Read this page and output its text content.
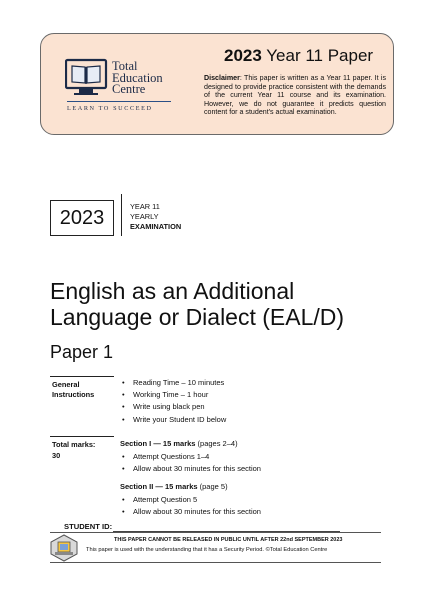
Total
Education
Centre
LEARN TO SUCCEED
2023 Year 11 Paper
Disclaimer: This paper is written as a Year 11 paper. It is designed to provide practice consistent with the demands of the current Year 11 course and its examination. However, we do not guarantee it predicts question content for a student's actual examination.
2023	YEAR 11
YEARLY
EXAMINATION
English as an Additional
Language or Dialect (EAL/D)
Paper 1
General
Instructions
• Reading Time – 10 minutes
• Working Time – 1 hour
• Write using black pen
• Write your Student ID below
Total marks:
30
Section I — 15 marks (pages 2–4)
• Attempt Questions 1–4
• Allow about 30 minutes for this section
Section II — 15 marks (page 5)
• Attempt Question 5
• Allow about 30 minutes for this section
STUDENT ID:
THIS PAPER CANNOT BE RELEASED IN PUBLIC UNTIL AFTER 22nd SEPTEMBER 2023
This paper is used with the understanding that it has a Security Period. ©Total Education Centre
